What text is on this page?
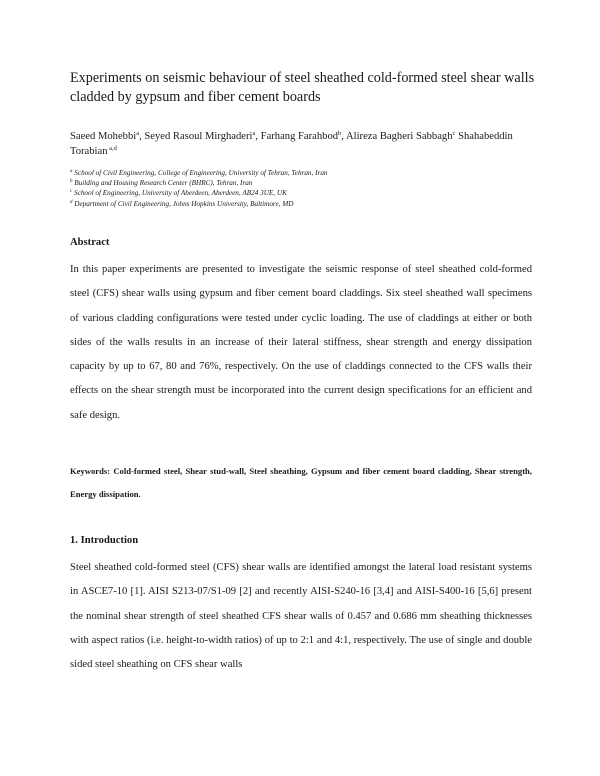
Experiments on seismic behaviour of steel sheathed cold-formed steel shear walls cladded by gypsum and fiber cement boards
Saeed Mohebbi$^a$, Seyed Rasoul Mirghaderi$^a$, Farhang Farahbod$^b$, Alireza Bagheri Sabbagh$^c$ Shahabeddin Torabian $^{a,d}$
$^a$ School of Civil Engineering, College of Engineering, University of Tehran, Tehran, Iran
$^b$ Building and Housing Research Center (BHRC), Tehran, Iran
$^c$ School of Engineering, University of Aberdeen, Aberdeen, AB24 3UE, UK
$^d$ Department of Civil Engineering, Johns Hopkins University, Baltimore, MD
Abstract
In this paper experiments are presented to investigate the seismic response of steel sheathed cold-formed steel (CFS) shear walls using gypsum and fiber cement board claddings. Six steel sheathed wall specimens of various cladding configurations were tested under cyclic loading. The use of claddings at either or both sides of the walls results in an increase of their lateral stiffness, shear strength and energy dissipation capacity by up to 67, 80 and 76%, respectively. On the use of claddings connected to the CFS walls their effects on the shear strength must be incorporated into the current design specifications for an efficient and safe design.
Keywords: Cold-formed steel, Shear stud-wall, Steel sheathing, Gypsum and fiber cement board cladding, Shear strength, Energy dissipation.
1. Introduction
Steel sheathed cold-formed steel (CFS) shear walls are identified amongst the lateral load resistant systems in ASCE7-10 [1]. AISI S213-07/S1-09 [2] and recently AISI-S240-16 [3,4] and AISI-S400-16 [5,6] present the nominal shear strength of steel sheathed CFS shear walls of 0.457 and 0.686 mm sheathing thicknesses with aspect ratios (i.e. height-to-width ratios) of up to 2:1 and 4:1, respectively. The use of single and double sided steel sheathing on CFS shear walls
